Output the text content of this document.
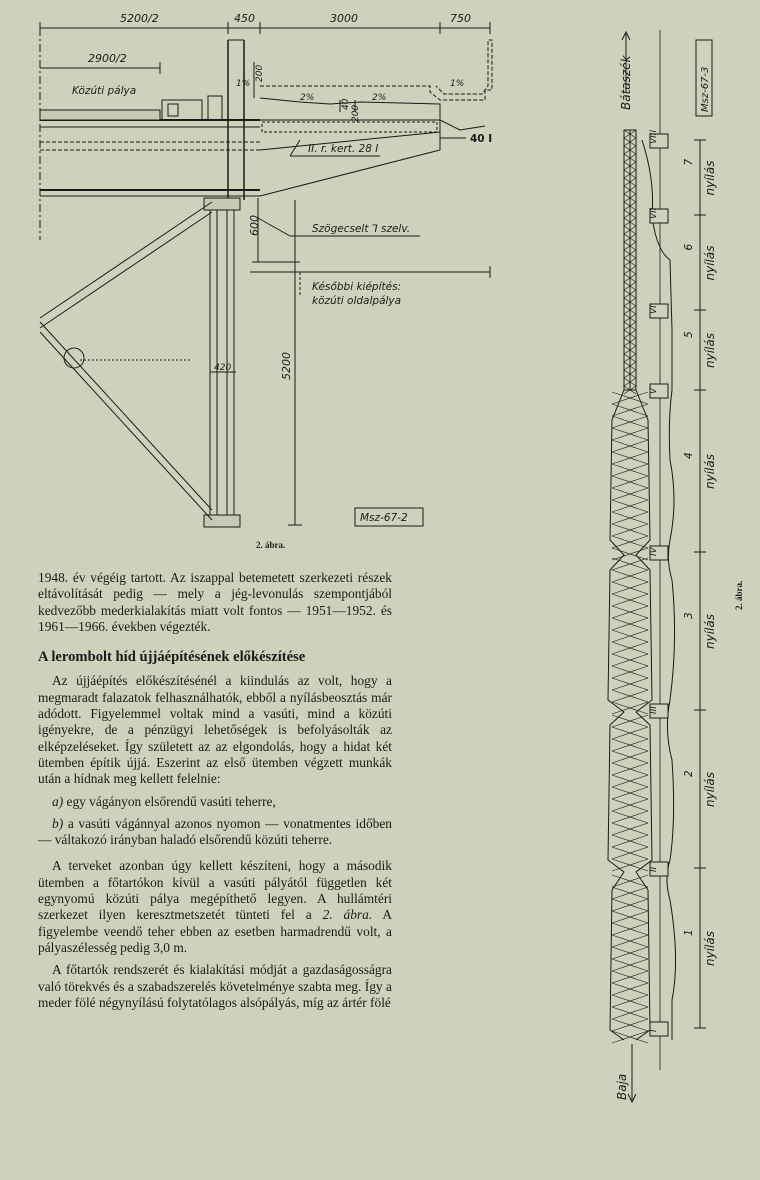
5200/2	450	3000	750
2900/2
1%
200
2%	2%
1%
40
200
600
5200
420
Közúti pálya
40 I
II. r. kert. 28 I
Szögecselt ⅂ szelv.
Későbbi kiépítés:
közúti oldalpálya
Msz-67-2
2. ábra.
VIII
VII
VI
V
IV
III
II
I
7 nyílás
6 nyílás
5 nyílás
4 nyílás
3 nyílás
2 nyílás
1 nyílás
Bátaszék
Baja
Msz-67-3
2. ábra.

1948. év végéig tartott. Az iszappal betemetett szerkezeti részek eltávolítását pedig — mely a jég-levonulás szempontjából kedvezőbb mederkialakítás miatt volt fontos — 1951—1952. és 1961—1966. években végezték.

A lerombolt híd újjáépítésének előkészítése

Az újjáépítés előkészítésénél a kiindulás az volt, hogy a megmaradt falazatok felhasználhatók, ebből a nyílásbeosztás már adódott. Figyelemmel voltak mind a vasúti, mind a közúti igényekre, de a pénzügyi lehetőségek is befolyásolták az elképzeléseket. Így született az az elgondolás, hogy a hidat két ütemben építik újjá. Eszerint az első ütemben végzett munkák után a hídnak meg kellett felelnie:

a) egy vágányon elsőrendű vasúti teherre,

b) a vasúti vágánnyal azonos nyomon — vonatmentes időben — váltakozó irányban haladó elsőrendű közúti teherre.

A terveket azonban úgy kellett készíteni, hogy a második ütemben a főtartókon kívül a vasúti pályától független két egynyomú közúti pálya megépíthető legyen. A hullámtéri szerkezet ilyen keresztmetszetét tünteti fel a 2. ábra. A figyelembe veendő teher ebben az esetben harmadrendű volt, a pályaszélesség pedig 3,0 m.

A főtartók rendszerét és kialakítási módját a gazdaságosságra való törekvés és a szabadszerelés követelménye szabta meg. Így a meder fölé négynyílású folytatólagos alsópályás, míg az ártér fölé
